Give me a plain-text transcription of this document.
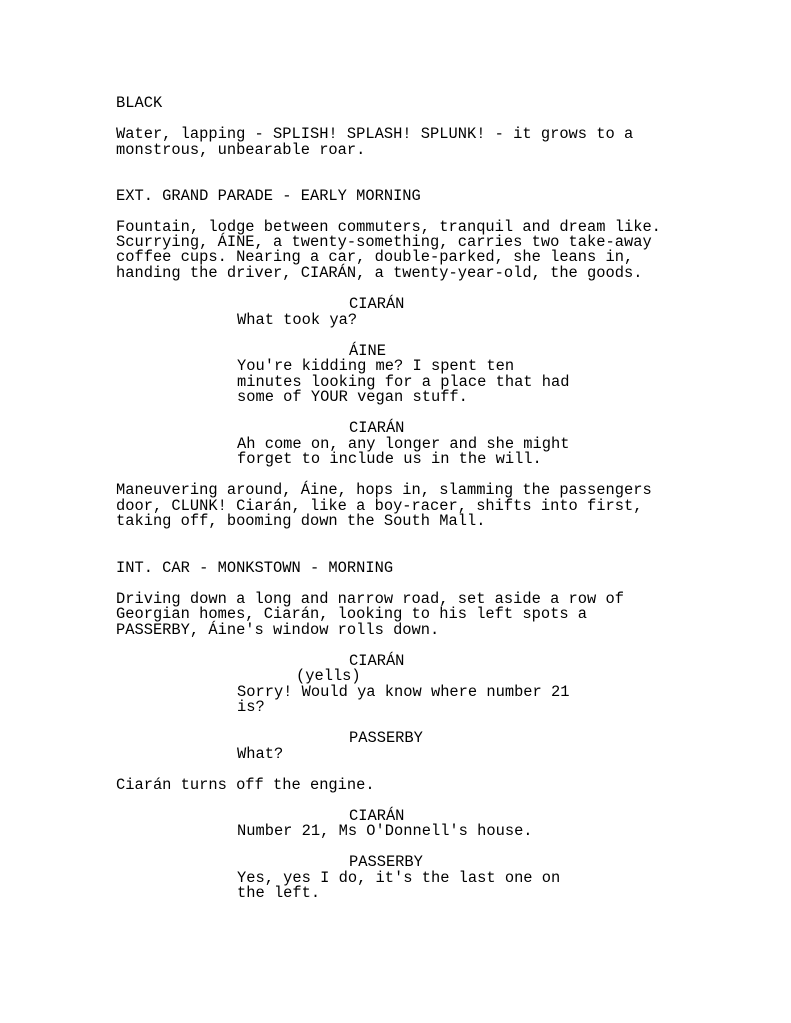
BLACK

Water, lapping - SPLISH! SPLASH! SPLUNK! - it grows to a

monstrous, unbearable roar.

EXT. GRAND PARADE - EARLY MORNING

Fountain, lodge between commuters, tranquil and dream like.

Scurrying, ÁINE, a twenty-something, carries two take-away

coffee cups. Nearing a car, double-parked, she leans in,

handing the driver, CIARÁN, a twenty-year-old, the goods.

CIARÁN

What took ya?

ÁINE

You're kidding me? I spent ten

minutes looking for a place that had

some of YOUR vegan stuff.

CIARÁN

Ah come on, any longer and she might

forget to include us in the will.

Maneuvering around, Áine, hops in, slamming the passengers

door, CLUNK! Ciarán, like a boy-racer, shifts into first,

taking off, booming down the South Mall.

INT. CAR - MONKSTOWN - MORNING

Driving down a long and narrow road, set aside a row of

Georgian homes, Ciarán, looking to his left spots a

PASSERBY, Áine's window rolls down.

CIARÁN

(yells)

Sorry! Would ya know where number 21

is?

PASSERBY

What?

Ciarán turns off the engine.

CIARÁN

Number 21, Ms O'Donnell's house.

PASSERBY

Yes, yes I do, it's the last one on

the left.
